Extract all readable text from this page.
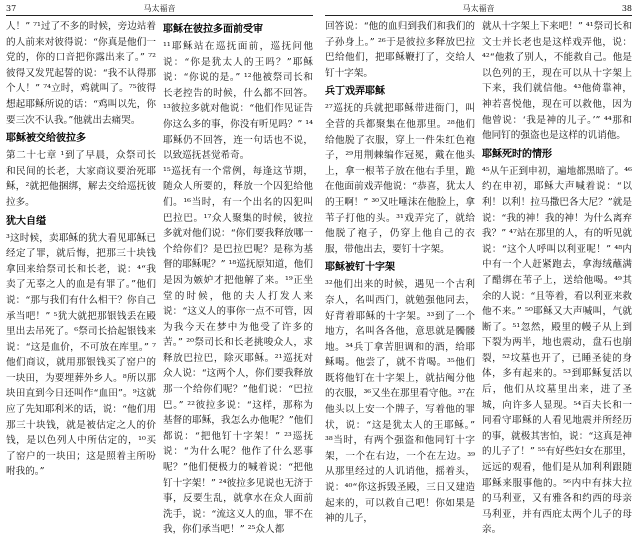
37	马太福音

人！” ⁷¹过了不多的时候，旁边站着的人前来对彼得说：“你真是他们一党的，你的口音把你露出来了。” ⁷²彼得又发咒起誓的说：“我不认得那个人！” ⁷⁴立时，鸡就叫了。⁷⁵彼得想起耶稣所说的话：“鸡叫以先，你要三次不认我。”他就出去痛哭。

耶稣被交给彼拉多

第二十七章 ¹到了早晨，众祭司长和民间的长老，大家商议要治死耶稣，²就把他捆绑，解去交给巡抚彼拉多。

犹大自缢

³这时候，卖耶稣的犹大看见耶稣已经定了罪，就后悔，把那三十块钱拿回来给祭司长和长老，说：⁴“我卖了无辜之人的血是有罪了。”他们说：“那与我们有什么相干？你自己承当吧！” ⁵犹大就把那银钱丢在殿里出去吊死了。⁶祭司长拾起银钱来说：“这是血价，不可放在库里。” ⁷他们商议，就用那银钱买了窑户的一块田，为要埋葬外乡人。⁸所以那块田直到今日还叫作“血田”。⁹这就应了先知耶利米的话，说：“他们用那三十块钱，就是被估定之人的价钱，是以色列人中所估定的，¹⁰买了窑户的一块田；这是照着主所吩咐我的。”

耶稣在彼拉多面前受审

¹¹耶稣站在巡抚面前，巡抚问他说：“你是犹太人的王吗？”耶稣说：“你说的是。” ¹²他被祭司长和长老控告的时候，什么都不回答。¹³彼拉多就对他说：“他们作见证告你这么多的事，你没有听见吗？” ¹⁴耶稣仍不回答，连一句话也不说，以致巡抚甚觉希奇。

¹⁵巡抚有一个常例，每逢这节期，随众人所要的，释放一个囚犯给他们。¹⁶当时，有一个出名的囚犯叫巴拉巴。¹⁷众人聚集的时候，彼拉多就对他们说：“你们要我释放哪一个给你们？是巴拉巴呢？是称为基督的耶稣呢？” ¹⁸巡抚原知道，他们是因为嫉妒才把他解了来。¹⁹正坐堂的时候，他的夫人打发人来说：“这义人的事你一点不可管，因为我今天在梦中为他受了许多的苦。” ²⁰祭司长和长老挑唆众人，求释放巴拉巴，除灭耶稣。²¹巡抚对众人说：“这两个人，你们要我释放那一个给你们呢？”他们说：“巴拉巴。” ²²彼拉多说：“这样，那称为基督的耶稣，我怎么办他呢？”他们都说：“把他钉十字架！” ²³巡抚说：“为什么呢？他作了什么恶事呢？”他们便极力的喊着说：“把他钉十字架！” ²⁴彼拉多见说也无济于事，反要生乱，就拿水在众人面前洗手，说：“流这义人的血，罪不在我，你们承当吧！” ²⁵众人都

38
马太福音

回答说：“他的血归到我们和我们的子孙身上。” ²⁶于是彼拉多释放巴拉巴给他们，把耶稣鞭打了，交给人钉十字架。

兵丁戏弄耶稣

²⁷巡抚的兵就把耶稣带进衙门，叫全营的兵都聚集在他那里。²⁸他们给他脱了衣服，穿上一件朱红色袍子，²⁹用荆棘编作冠冕，戴在他头上，拿一根苇子放在他右手里，跪在他面前戏弄他说：“恭喜，犹太人的王啊！” ³⁰又吐唾沫在他脸上，拿苇子打他的头。³¹戏弄完了，就给他脱了袍子，仍穿上他自己的衣服，带他出去，要钉十字架。

耶稣被钉十字架

³²他们出来的时候，遇见一个古利奈人，名叫西门，就勉强他同去，好背着耶稣的十字架。³³到了一个地方，名叫各各他，意思就是髑髅地。³⁴兵丁拿苦胆调和的酒，给耶稣喝。他尝了，就不肯喝。³⁵他们既将他钉在十字架上，就拈阄分他的衣服，³⁶又坐在那里看守他。³⁷在他头以上安一个牌子，写着他的罪状，说：“这是犹太人的王耶稣。” ³⁸当时，有两个强盗和他同钉十字架，一个在右边，一个在左边。³⁹从那里经过的人讥诮他，摇着头，说：⁴⁰“你这拆毁圣殿，三日又建造起来的，可以救自己吧！你如果是神的儿子，

就从十字架上下来吧！” ⁴¹祭司长和文士并长老也是这样戏弄他，说：⁴²“他救了别人，不能救自己。他是以色列的王，现在可以从十字架上下来，我们就信他。⁴³他倚靠神，神若喜悦他，现在可以救他，因为他曾说：‘我是神的儿子。’” ⁴⁴那和他同钉的强盗也是这样的讥诮他。

耶稣死时的情形

⁴⁵从午正到申初，遍地都黑暗了。⁴⁶约在申初，耶稣大声喊着说：“以利！以利！拉马撒巴各大尼？”就是说：“我的神！我的神！为什么离弃我？” ⁴⁷站在那里的人，有的听见就说：“这个人呼叫以利亚呢！” ⁴⁸内中有一个人赶紧跑去，拿海绒蘸满了醋绑在苇子上，送给他喝。⁴⁹其余的人说：“且等着，看以利亚来救他不来。” ⁵⁰耶稣又大声喊叫，气就断了。⁵¹忽然，殿里的幔子从上到下裂为两半，地也震动，盘石也崩裂，⁵²坟墓也开了，已睡圣徒的身体，多有起来的。⁵³到耶稣复活以后，他们从坟墓里出来，进了圣城，向许多人显现。⁵⁴百夫长和一同看守耶稣的人看见地震并所经历的事，就极其害怕，说：“这真是神的儿子了！” ⁵⁵有好些妇女在那里，远远的观看，他们是从加利利跟随耶稣来服事他的。⁵⁶内中有抹大拉的马利亚，又有雅各和约西的母亲马利亚，并有西庇太两个儿子的母亲。
